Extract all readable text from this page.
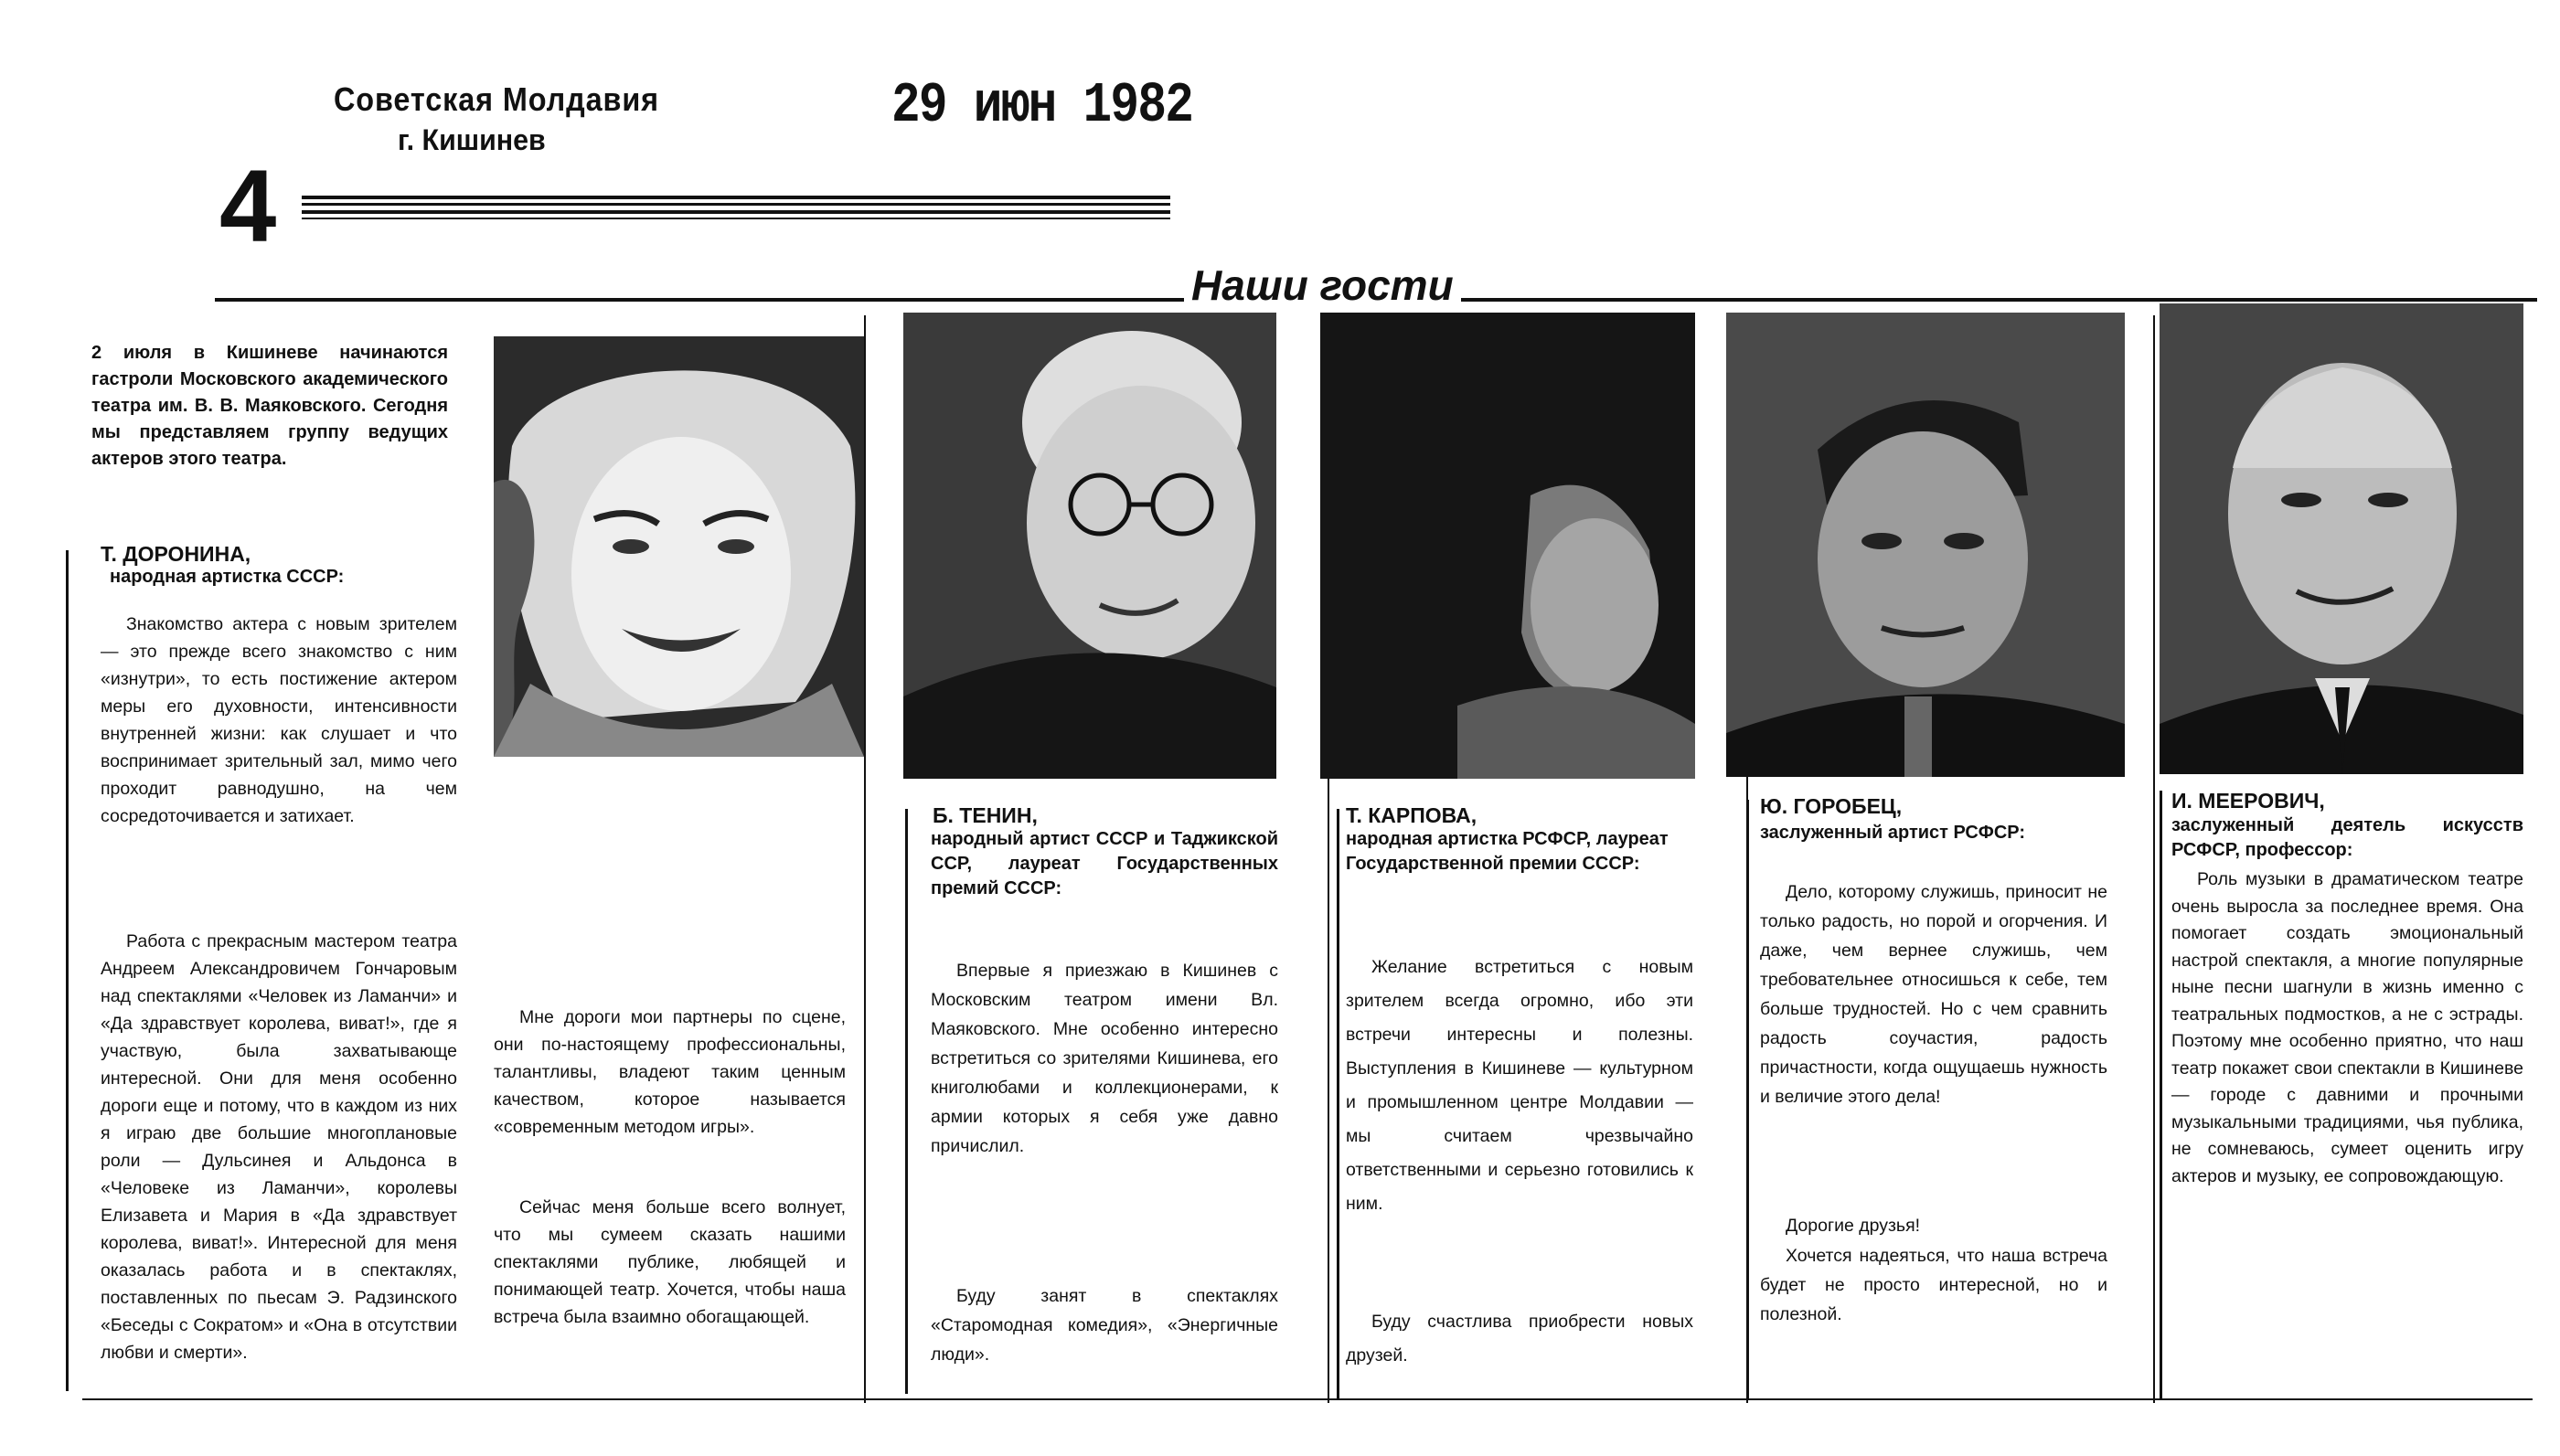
Советская Молдавия
г. Кишинев
29 июн 1982
4
Наши гости
2 июля в Кишиневе начинаются гастроли Московского академического театра им. В. В. Маяковского. Сегодня мы представляем группу ведущих актеров этого театра.
Т. ДОРОНИНА,
народная артистка СССР:
Знакомство актера с новым зрителем — это прежде всего знакомство с ним «изнутри», то есть постижение актером меры его духовности, интенсивности внутренней жизни: как слушает и что воспринимает зрительный зал, мимо чего проходит равнодушно, на чем сосредоточивается и затихает.
Работа с прекрасным мастером театра Андреем Александровичем Гончаровым над спектаклями «Человек из Ламанчи» и «Да здравствует королева, виват!», где я участвую, была захватывающе интересной. Они для меня особенно дороги еще и потому, что в каждом из них я играю две большие многоплановые роли — Дульсинея и Альдонса в «Человеке из Ламанчи», королевы Елизавета и Мария в «Да здравствует королева, виват!». Интересной для меня оказалась работа и в спектаклях, поставленных по пьесам Э. Радзинского «Беседы с Сократом» и «Она в отсутствии любви и смерти».
Мне дороги мои партнеры по сцене, они по-настоящему профессиональны, талантливы, владеют таким ценным качеством, которое называется «современным методом игры».
Сейчас меня больше всего волнует, что мы сумеем сказать нашими спектаклями публике, любящей и понимающей театр. Хочется, чтобы наша встреча была взаимно обогащающей.
Б. ТЕНИН,
народный артист СССР и Таджикской ССР, лауреат Государственных премий СССР:
Впервые я приезжаю в Кишинев с Московским театром имени Вл. Маяковского. Мне особенно интересно встретиться со зрителями Кишинева, его книголюбами и коллекционерами, к армии которых я себя уже давно причислил.
Буду занят в спектаклях «Старомодная комедия», «Энергичные люди».
Т. КАРПОВА,
народная артистка РСФСР, лауреат Государственной премии СССР:
Желание встретиться с новым зрителем всегда огромно, ибо эти встречи интересны и полезны. Выступления в Кишиневе — культурном и промышленном центре Молдавии — мы считаем чрезвычайно ответственными и серьезно готовились к ним.
Буду счастлива приобрести новых друзей.
Ю. ГОРОБЕЦ,
заслуженный артист РСФСР:
Дело, которому служишь, приносит не только радость, но порой и огорчения. И даже, чем вернее служишь, чем требовательнее относишься к себе, тем больше трудностей. Но с чем сравнить радость соучастия, радость причастности, когда ощущаешь нужность и величие этого дела!
Дорогие друзья!
Хочется надеяться, что наша встреча будет не просто интересной, но и полезной.
И. МЕЕРОВИЧ,
заслуженный деятель искусств РСФСР, профессор:
Роль музыки в драматическом театре очень выросла за последнее время. Она помогает создать эмоциональный настрой спектакля, а многие популярные ныне песни шагнули в жизнь именно с театральных подмостков, а не с эстрады. Поэтому мне особенно приятно, что наш театр покажет свои спектакли в Кишиневе — городе с давними и прочными музыкальными традициями, чья публика, не сомневаюсь, сумеет оценить игру актеров и музыку, ее сопровождающую.
